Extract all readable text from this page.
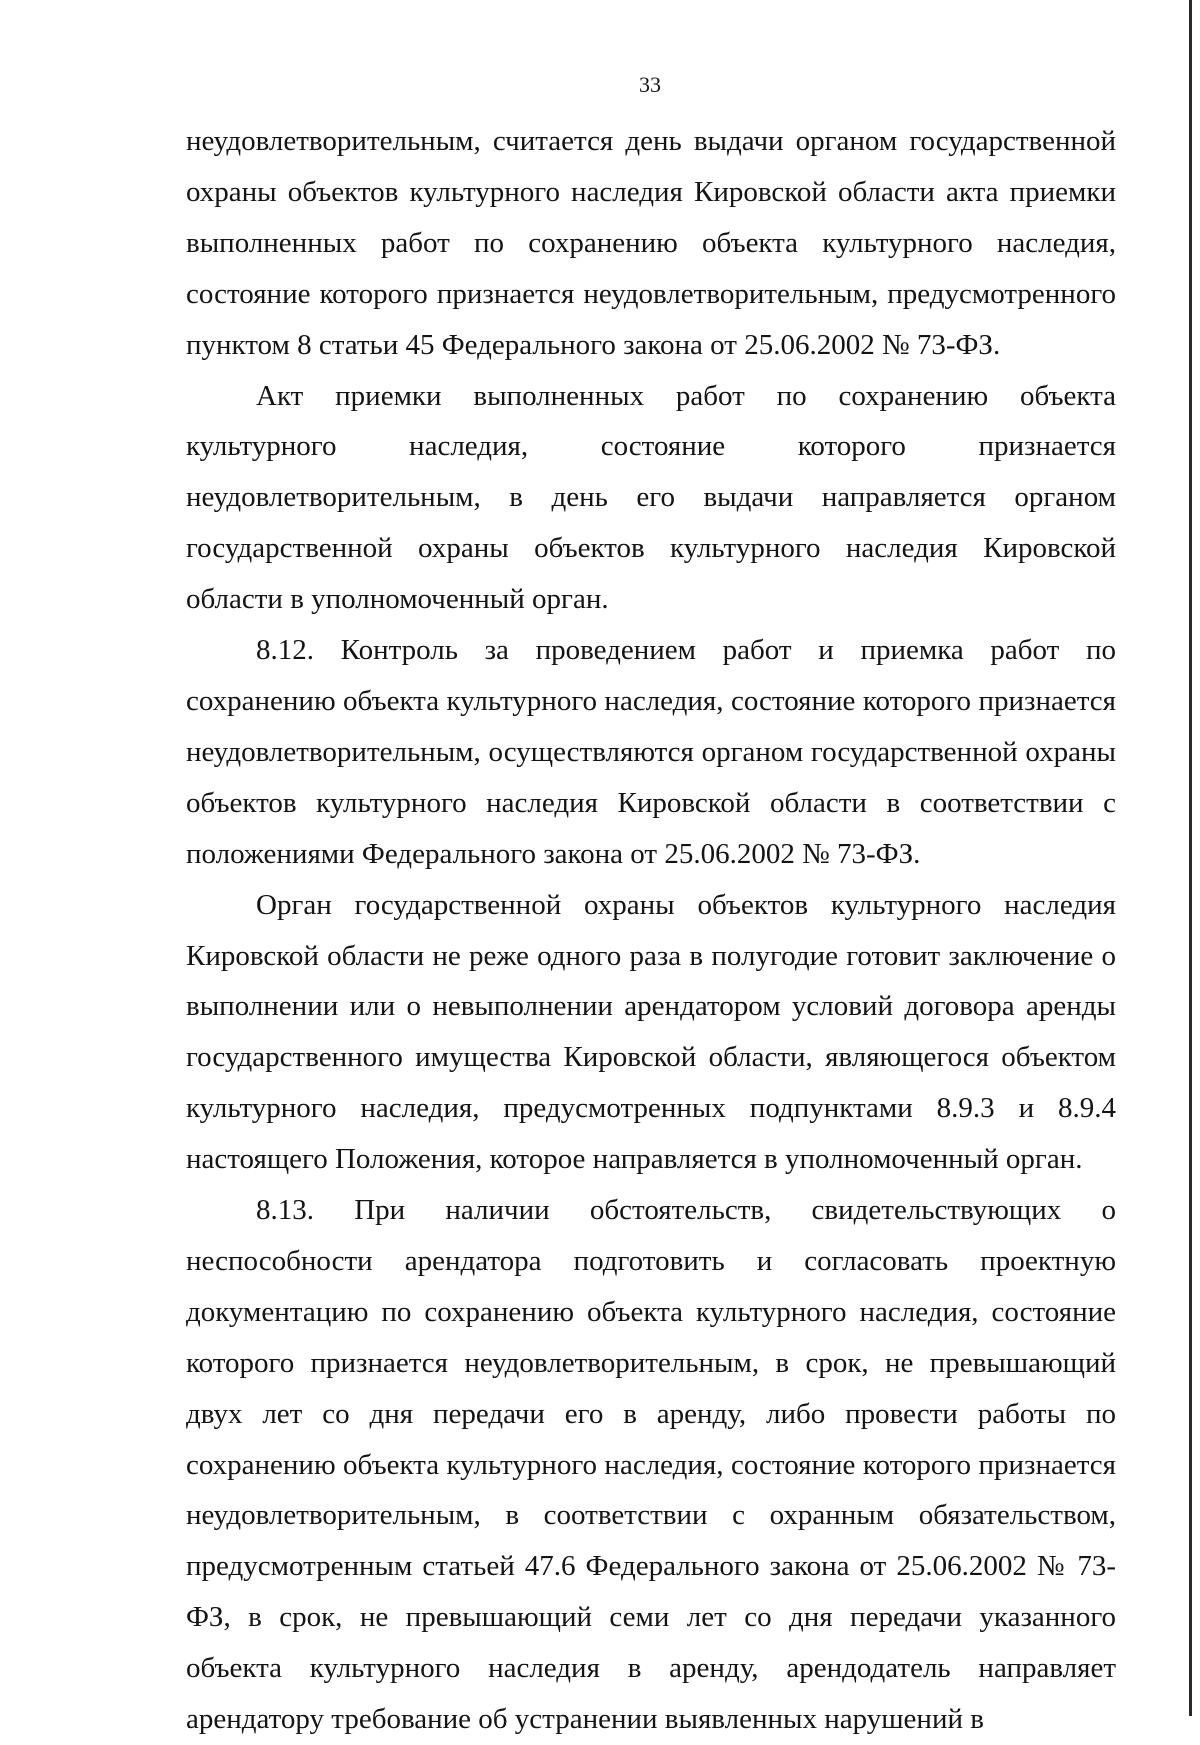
33

неудовлетворительным, считается день выдачи органом государственной охраны объектов культурного наследия Кировской области акта приемки выполненных работ по сохранению объекта культурного наследия, состояние которого признается неудовлетворительным, предусмотренного пунктом 8 статьи 45 Федерального закона от 25.06.2002 № 73-ФЗ.

Акт приемки выполненных работ по сохранению объекта культурного наследия, состояние которого признается неудовлетворительным, в день его выдачи направляется органом государственной охраны объектов культурного наследия Кировской области в уполномоченный орган.

8.12. Контроль за проведением работ и приемка работ по сохранению объекта культурного наследия, состояние которого признается неудовлетворительным, осуществляются органом государственной охраны объектов культурного наследия Кировской области в соответствии с положениями Федерального закона от 25.06.2002 № 73-ФЗ.

Орган государственной охраны объектов культурного наследия Кировской области не реже одного раза в полугодие готовит заключение о выполнении или о невыполнении арендатором условий договора аренды государственного имущества Кировской области, являющегося объектом культурного наследия, предусмотренных подпунктами 8.9.3 и 8.9.4 настоящего Положения, которое направляется в уполномоченный орган.

8.13. При наличии обстоятельств, свидетельствующих о неспособности арендатора подготовить и согласовать проектную документацию по сохранению объекта культурного наследия, состояние которого признается неудовлетворительным, в срок, не превышающий двух лет со дня передачи его в аренду, либо провести работы по сохранению объекта культурного наследия, состояние которого признается неудовлетворительным, в соответствии с охранным обязательством, предусмотренным статьей 47.6 Федерального закона от 25.06.2002 № 73-ФЗ, в срок, не превышающий семи лет со дня передачи указанного объекта культурного наследия в аренду, арендодатель направляет арендатору требование об устранении выявленных нарушений в
